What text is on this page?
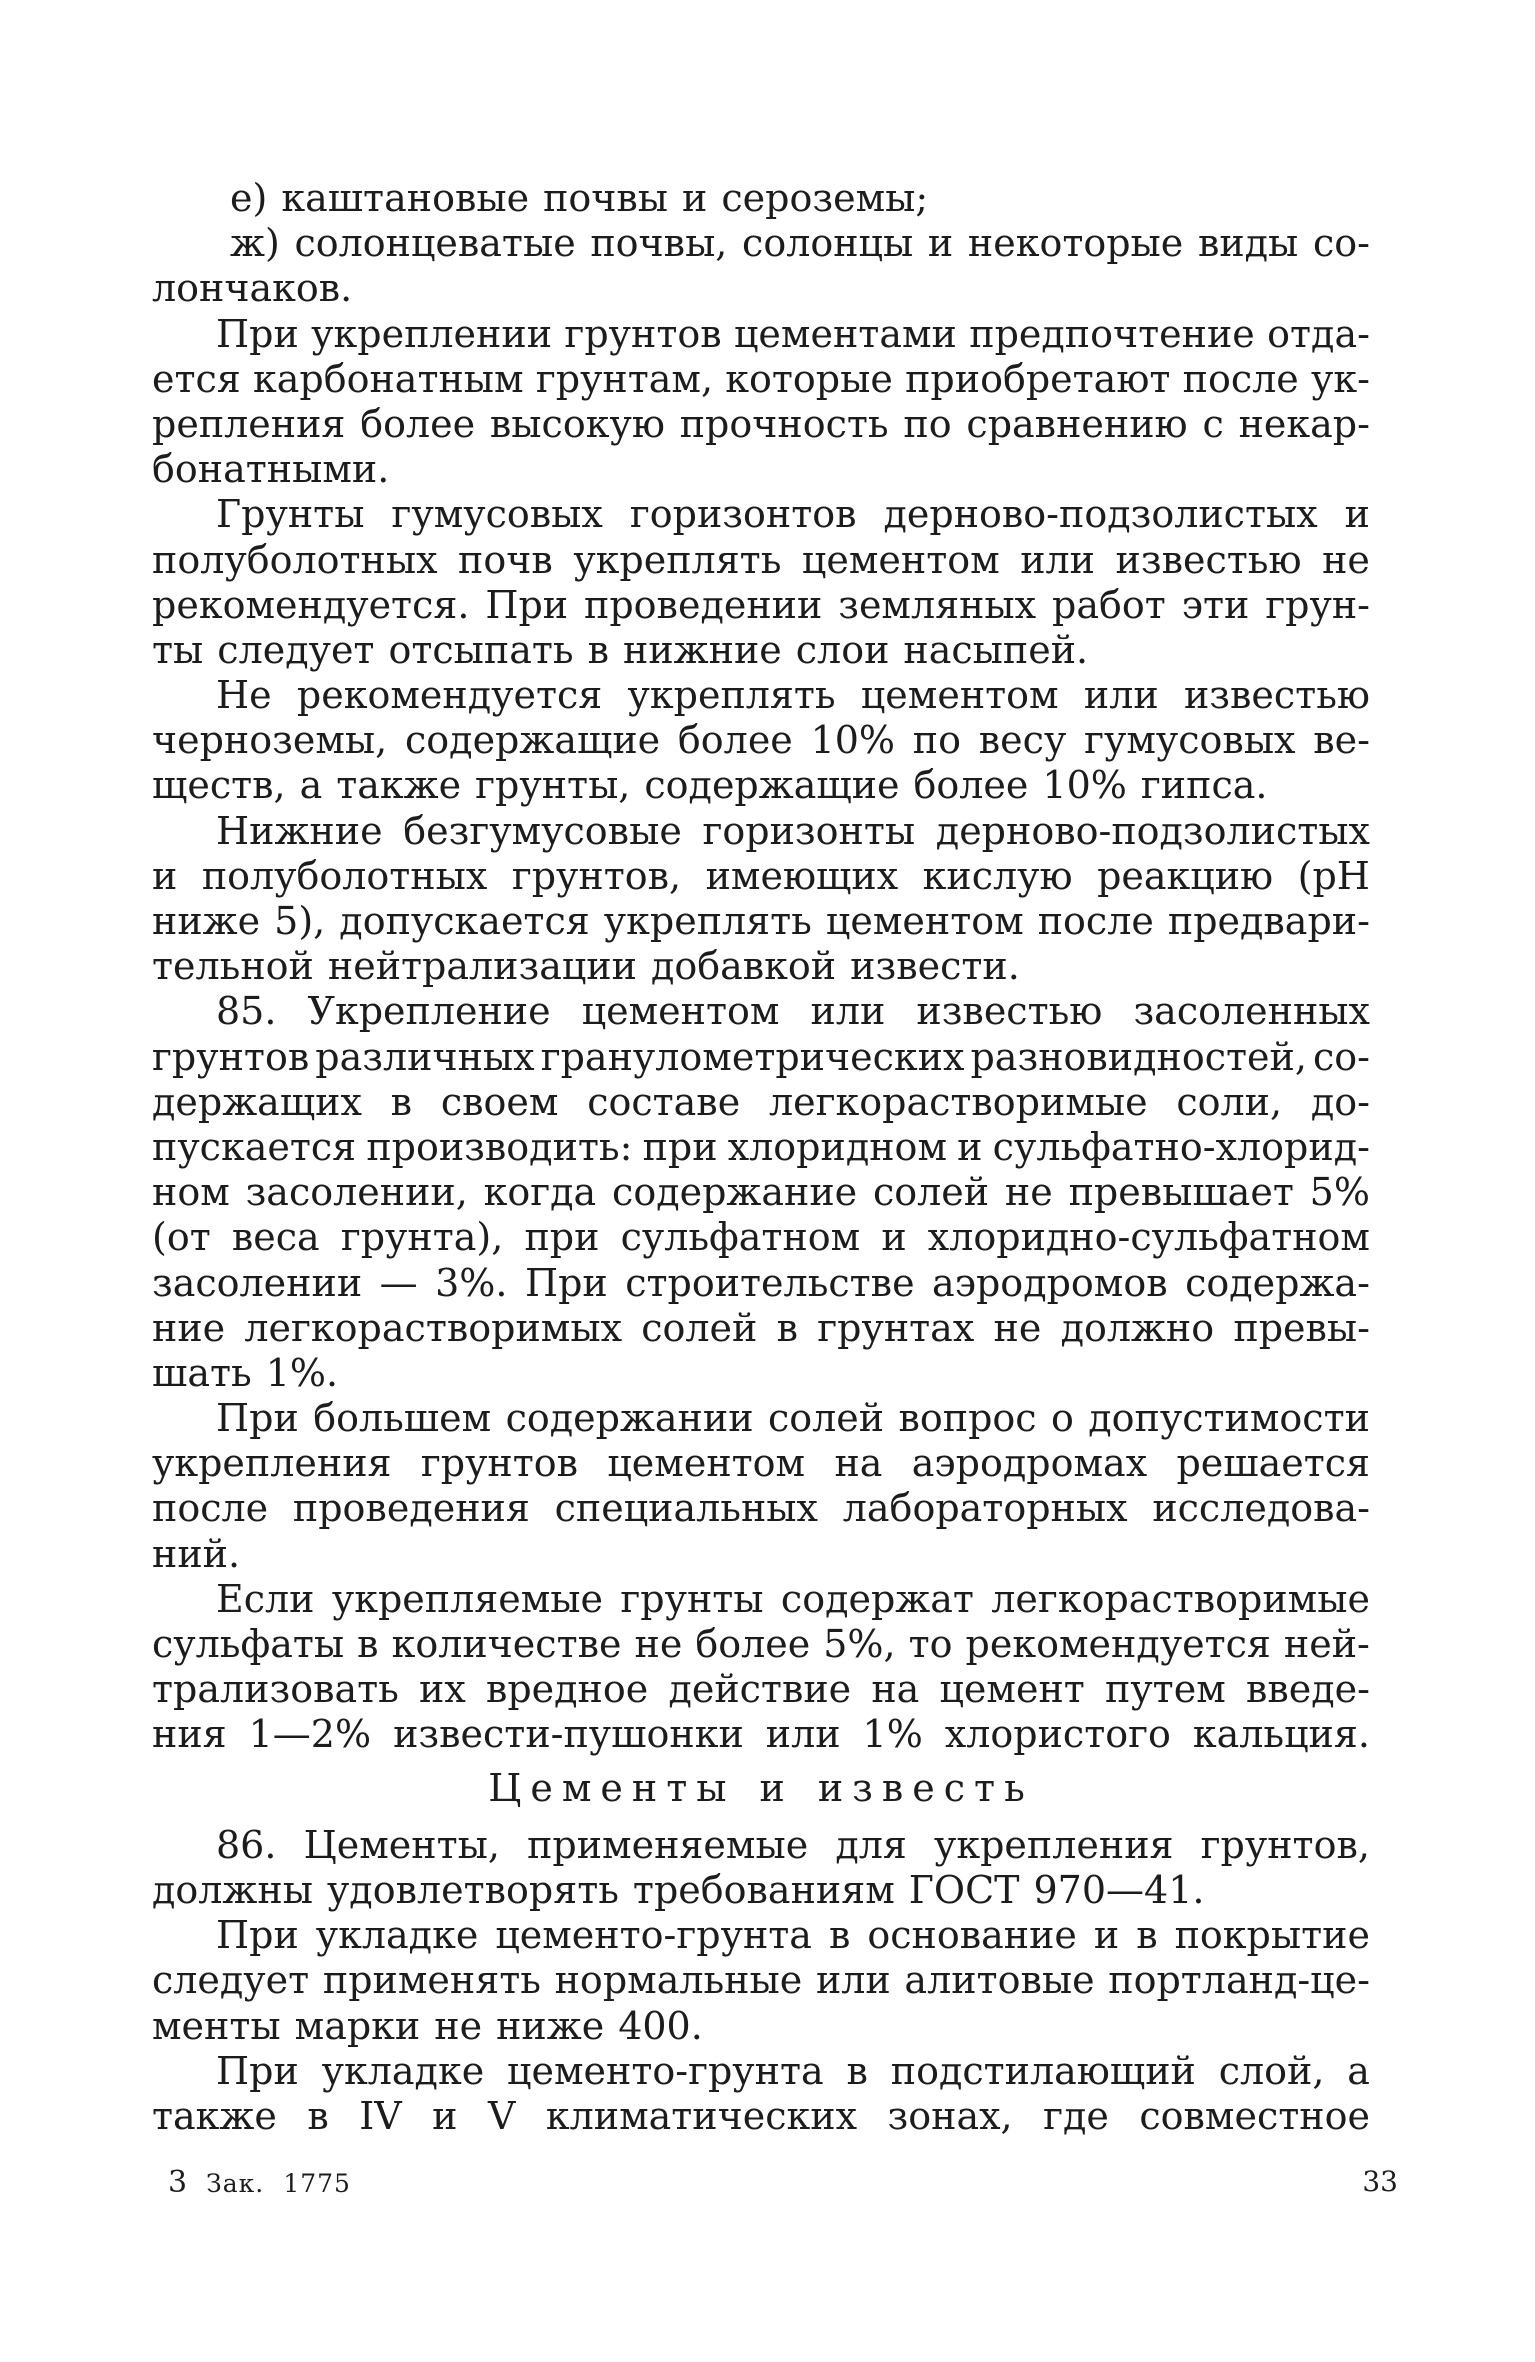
е) каштановые почвы и сероземы;
ж) солонцеватые почвы, солонцы и некоторые виды со-
лончаков.
При укреплении грунтов цементами предпочтение отда-
ется карбонатным грунтам, которые приобретают после ук-
репления более высокую прочность по сравнению с некар-
бонатными.
Грунты гумусовых горизонтов дерново-подзолистых и
полуболотных почв укреплять цементом или известью не
рекомендуется. При проведении земляных работ эти грун-
ты следует отсыпать в нижние слои насыпей.
Не рекомендуется укреплять цементом или известью
черноземы, содержащие более 10% по весу гумусовых ве-
ществ, а также грунты, содержащие более 10% гипса.
Нижние безгумусовые горизонты дерново-подзолистых
и полуболотных грунтов, имеющих кислую реакцию (рН
ниже 5), допускается укреплять цементом после предвари-
тельной нейтрализации добавкой извести.
85. Укрепление цементом или известью засоленных
грунтов различных гранулометрических разновидностей, со-
держащих в своем составе легкорастворимые соли, до-
пускается производить: при хлоридном и сульфатно-хлорид-
ном засолении, когда содержание солей не превышает 5%
(от веса грунта), при сульфатном и хлоридно-сульфатном
засолении — 3%. При строительстве аэродромов содержа-
ние легкорастворимых солей в грунтах не должно превы-
шать 1%.
При большем содержании солей вопрос о допустимости
укрепления грунтов цементом на аэродромах решается
после проведения специальных лабораторных исследова-
ний.
Если укрепляемые грунты содержат легкорастворимые
сульфаты в количестве не более 5%, то рекомендуется ней-
трализовать их вредное действие на цемент путем введе-
ния 1—2% извести-пушонки или 1% хлористого кальция.
Цементы и известь
86. Цементы, применяемые для укрепления грунтов,
должны удовлетворять требованиям ГОСТ 970—41.
При укладке цементо-грунта в основание и в покрытие
следует применять нормальные или алитовые портланд-це-
менты марки не ниже 400.
При укладке цементо-грунта в подстилающий слой, а
также в IV и V климатических зонах, где совместное
3 Зак. 1775	33
